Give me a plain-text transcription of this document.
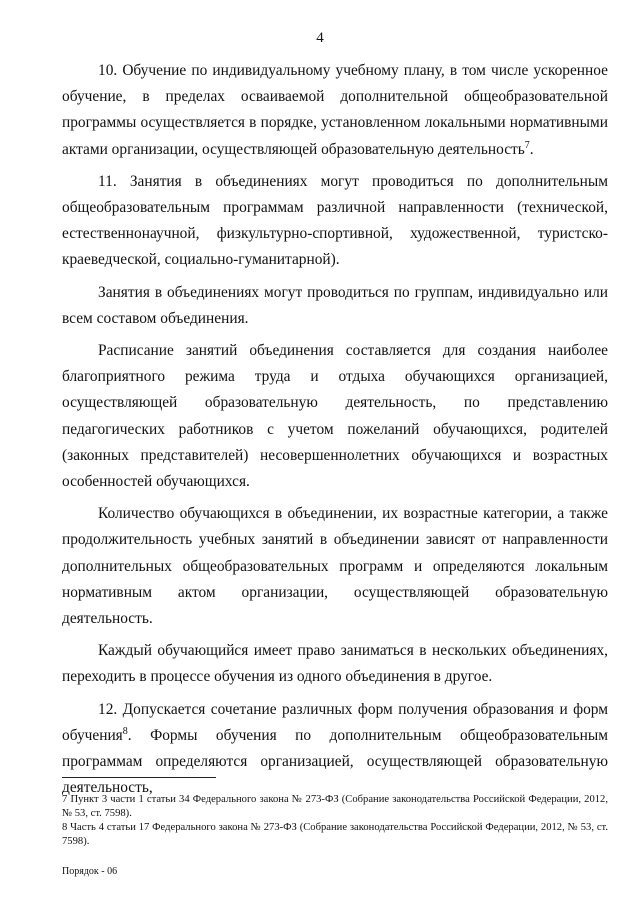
4

10. Обучение по индивидуальному учебному плану, в том числе ускоренное обучение, в пределах осваиваемой дополнительной общеобразовательной программы осуществляется в порядке, установленном локальными нормативными актами организации, осуществляющей образовательную деятельность$^7$.

11. Занятия в объединениях могут проводиться по дополнительным общеобразовательным программам различной направленности (технической, естественнонаучной, физкультурно-спортивной, художественной, туристско-краеведческой, социально-гуманитарной).

Занятия в объединениях могут проводиться по группам, индивидуально или всем составом объединения.

Расписание занятий объединения составляется для создания наиболее благоприятного режима труда и отдыха обучающихся организацией, осуществляющей образовательную деятельность, по представлению педагогических работников с учетом пожеланий обучающихся, родителей (законных представителей) несовершеннолетних обучающихся и возрастных особенностей обучающихся.

Количество обучающихся в объединении, их возрастные категории, а также продолжительность учебных занятий в объединении зависят от направленности дополнительных общеобразовательных программ и определяются локальным нормативным актом организации, осуществляющей образовательную деятельность.

Каждый обучающийся имеет право заниматься в нескольких объединениях, переходить в процессе обучения из одного объединения в другое.

12. Допускается сочетание различных форм получения образования и форм обучения$^8$. Формы обучения по дополнительным общеобразовательным программам определяются организацией, осуществляющей образовательную деятельность,

7 Пункт 3 части 1 статьи 34 Федерального закона № 273-ФЗ (Собрание законодательства Российской Федерации, 2012, № 53, ст. 7598).

8 Часть 4 статьи 17 Федерального закона № 273-ФЗ (Собрание законодательства Российской Федерации, 2012, № 53, ст. 7598).

Порядок - 06
